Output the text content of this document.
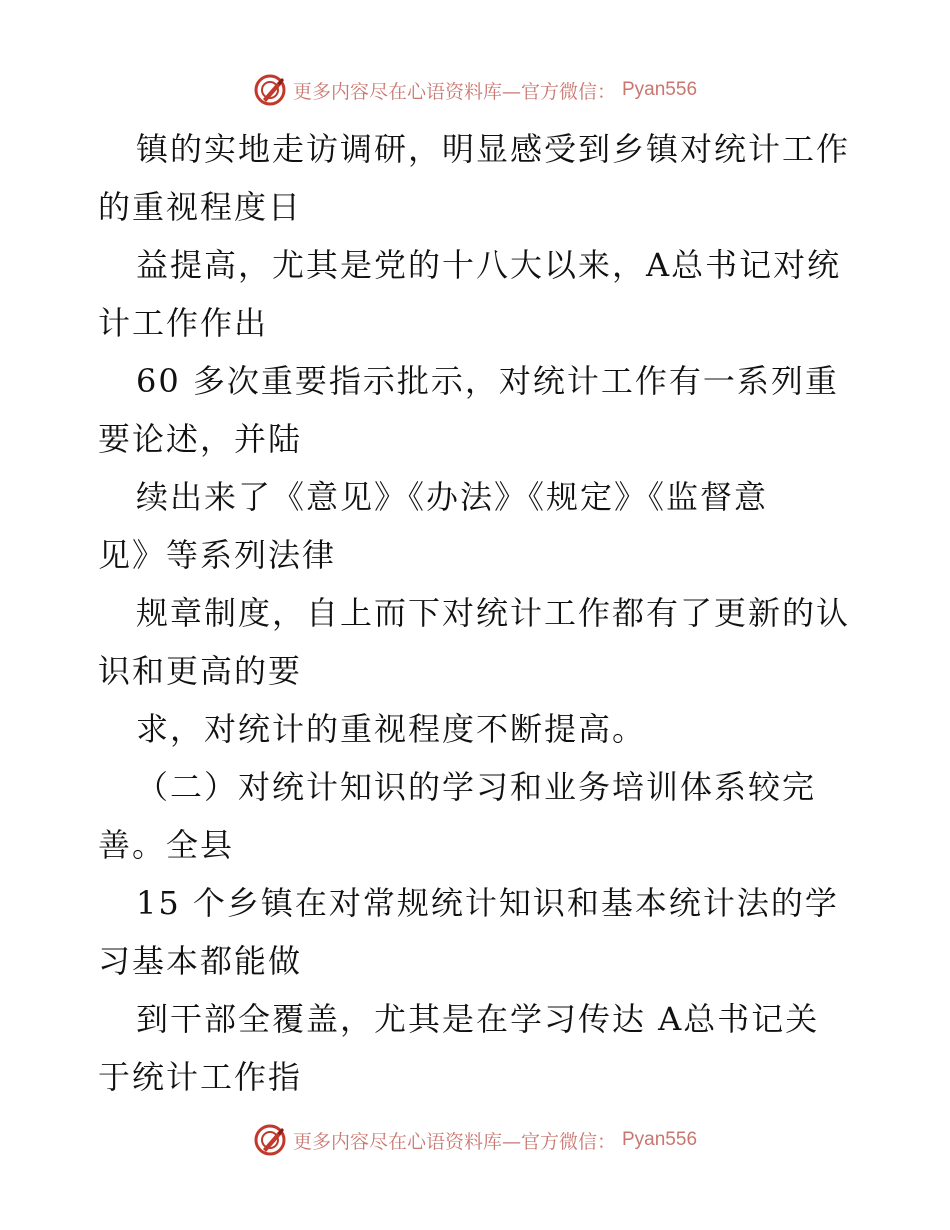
更多内容尽在心语资料库—官方微信： Pyan556
镇的实地走访调研，明显感受到乡镇对统计工作
的重视程度日
益提高，尤其是党的十八大以来，A总书记对统
计工作作出
60 多次重要指示批示，对统计工作有一系列重
要论述，并陆
续出来了《意见》《办法》《规定》《监督意
见》等系列法律
规章制度，自上而下对统计工作都有了更新的认
识和更高的要
求，对统计的重视程度不断提高。
（二）对统计知识的学习和业务培训体系较完
善。全县
15 个乡镇在对常规统计知识和基本统计法的学
习基本都能做
到干部全覆盖，尤其是在学习传达 A总书记关
于统计工作指
更多内容尽在心语资料库—官方微信： Pyan556
